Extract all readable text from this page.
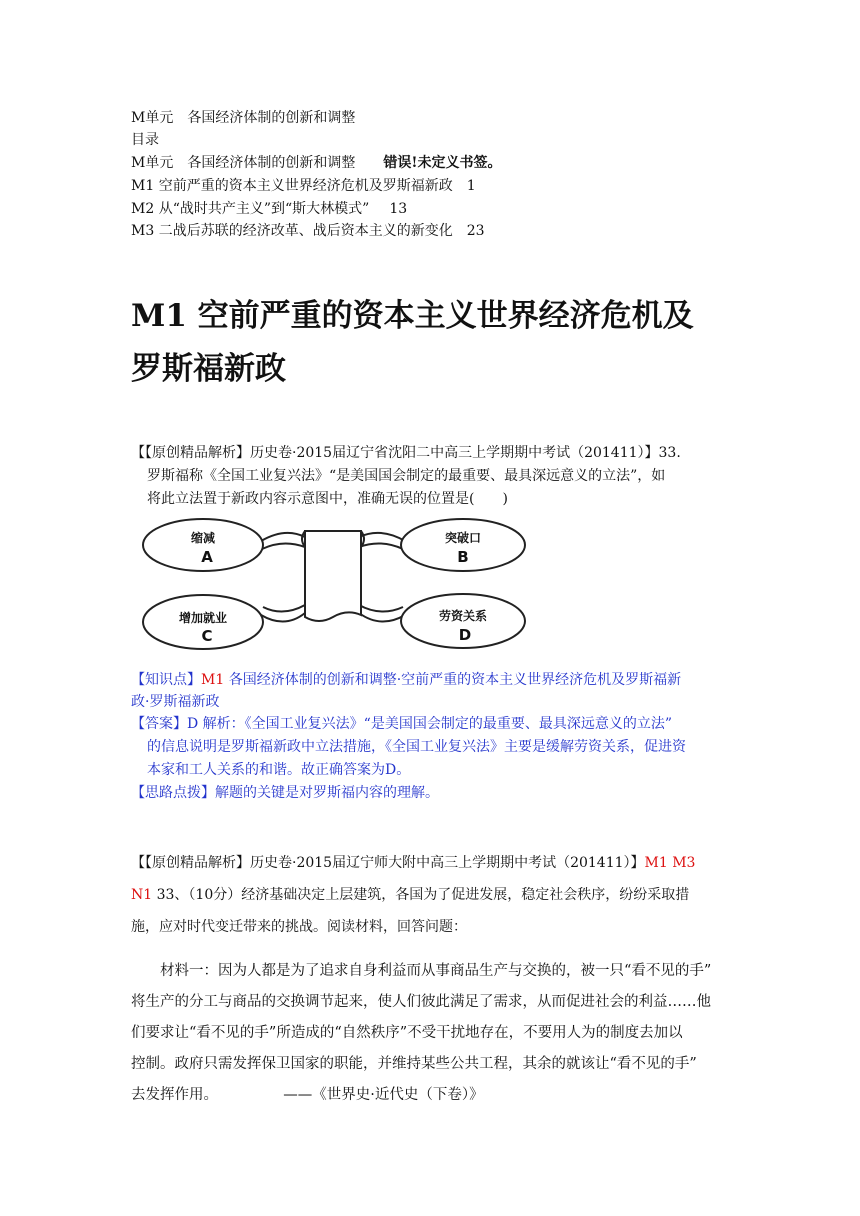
M单元　各国经济体制的创新和调整
目录
M单元　各国经济体制的创新和调整 错误!未定义书签。
M1 空前严重的资本主义世界经济危机及罗斯福新政 1
M2 从“战时共产主义”到“斯大林模式” 13
M3 二战后苏联的经济改革、战后资本主义的新变化 23
M1 空前严重的资本主义世界经济危机及
罗斯福新政
【【原创精品解析】历史卷·2015届辽宁省沈阳二中高三上学期期中考试（201411）】33.
罗斯福称《全国工业复兴法》“是美国国会制定的最重要、最具深远意义的立法”，如
将此立法置于新政内容示意图中，准确无误的位置是(　　)
缩减
A
突破口
B
增加就业
C
劳资关系
D
【知识点】M1 各国经济体制的创新和调整·空前严重的资本主义世界经济危机及罗斯福新
政·罗斯福新政
【答案】D 解析：《全国工业复兴法》“是美国国会制定的最重要、最具深远意义的立法”
的信息说明是罗斯福新政中立法措施，《全国工业复兴法》主要是缓解劳资关系，促进资
本家和工人关系的和谐。故正确答案为D。
【思路点拨】解题的关键是对罗斯福内容的理解。
【【原创精品解析】历史卷·2015届辽宁师大附中高三上学期期中考试（201411）】M1 M3
N1 33、（10分）经济基础决定上层建筑，各国为了促进发展，稳定社会秩序，纷纷采取措
施，应对时代变迁带来的挑战。阅读材料，回答问题：
　　材料一：因为人都是为了追求自身利益而从事商品生产与交换的，被一只“看不见的手”
将生产的分工与商品的交换调节起来，使人们彼此满足了需求，从而促进社会的利益……他
们要求让“看不见的手”所造成的“自然秩序”不受干扰地存在，不要用人为的制度去加以
控制。政府只需发挥保卫国家的职能，并维持某些公共工程，其余的就该让“看不见的手”
去发挥作用。　　　　　——《世界史·近代史（下卷）》
